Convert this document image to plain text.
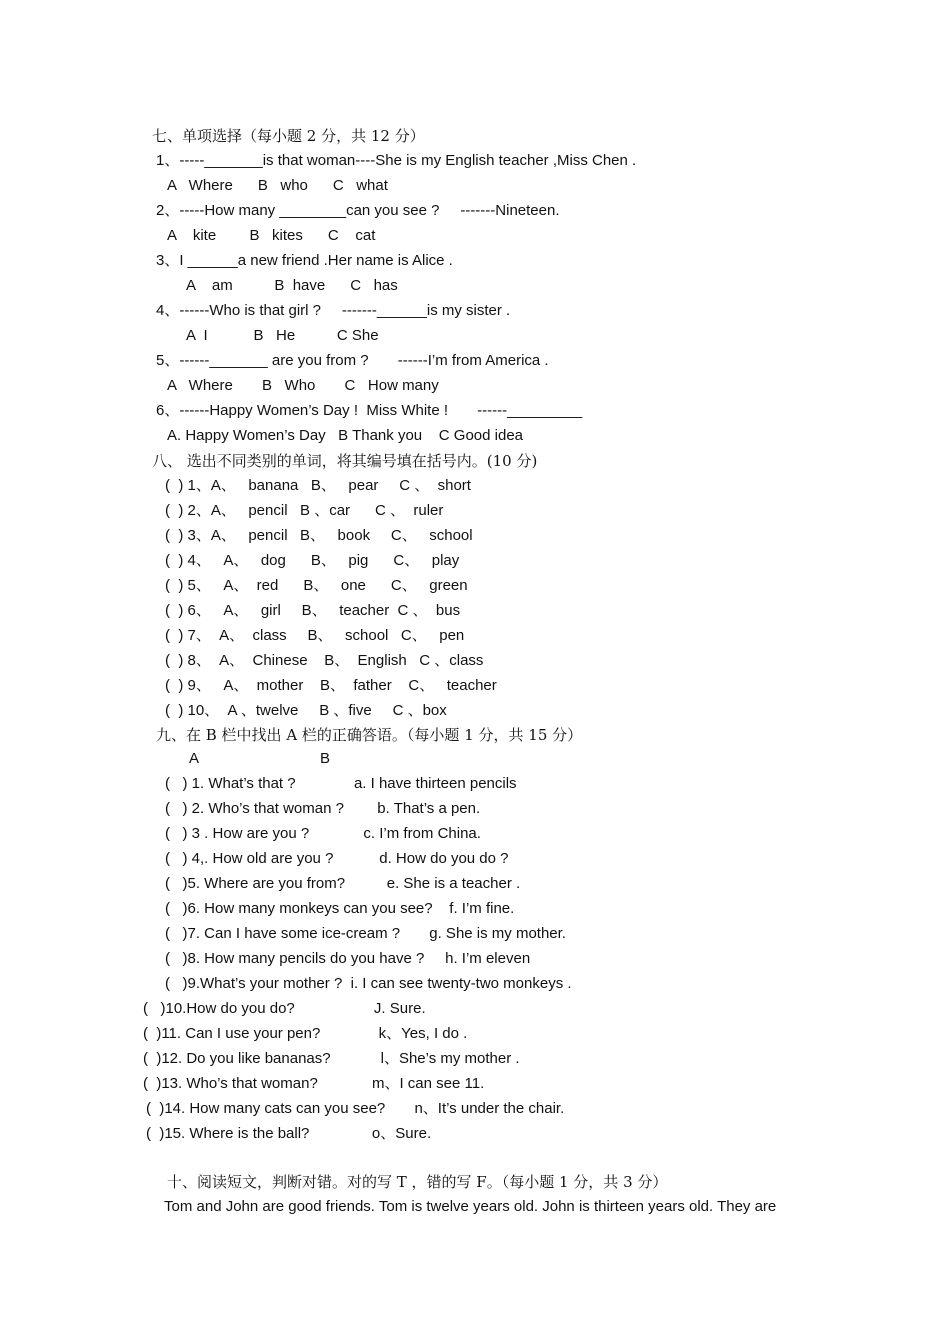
七、单项选择（每小题 2 分，共 12 分）
1、-----_______is that woman----She is my English teacher ,Miss Chen .
A   Where      B   who      C   what
2、-----How many ________can you see ?     -------Nineteen.
A    kite        B   kites      C    cat
3、I ______a new friend .Her name is Alice .
A    am          B  have      C   has
4、------Who is that girl ?     -------______is my sister .
A  I           B   He          C She
5、------_______ are you from ?       ------I’m from America .
A   Where       B   Who       C   How many
6、------Happy Women’s Day !  Miss White !       ------_________
A. Happy Women’s Day   B Thank you    C Good idea
八、 选出不同类别的单词，将其编号填在括号内。(10 分)
(  ) 1、A、   banana   B、   pear     C 、  short
(  ) 2、A、   pencil   B 、car      C 、  ruler
(  ) 3、A、   pencil   B、   book     C、   school
(  ) 4、   A、   dog      B、   pig      C、   play
(  ) 5、   A、  red      B、   one      C、   green
(  ) 6、   A、   girl     B、   teacher  C 、  bus
(  ) 7、  A、  class     B、   school   C、   pen
(  ) 8、  A、  Chinese    B、  English   C 、class
(  ) 9、   A、  mother    B、  father    C、   teacher
(  ) 10、  A 、twelve     B 、five     C 、box
九、在 B 栏中找出 A 栏的正确答语。（每小题 1 分，共 15 分）
A	B
(   ) 1. What’s that ?              a. I have thirteen pencils
(   ) 2. Who’s that woman ?        b. That’s a pen.
(   ) 3 . How are you ?             c. I’m from China.
(   ) 4,. How old are you ?           d. How do you do ?
(   )5. Where are you from?          e. She is a teacher .
(   )6. How many monkeys can you see?    f. I’m fine.
(   )7. Can I have some ice-cream ?       g. She is my mother.
(   )8. How many pencils do you have ?     h. I’m eleven
(   )9.What’s your mother ?  i. I can see twenty-two monkeys .
(   )10.How do you do?                   J. Sure.
(  )11. Can I use your pen?              k、Yes, I do .
(  )12. Do you like bananas?            l、She’s my mother .
(  )13. Who’s that woman?             m、I can see 11.
(  )14. How many cats can you see?       n、It’s under the chair.
(  )15. Where is the ball?               o、Sure.
十、阅读短文，判断对错。对的写 T ，错的写 F。（每小题 1 分，共 3 分）
Tom and John are good friends. Tom is twelve years old. John is thirteen years old. They are
